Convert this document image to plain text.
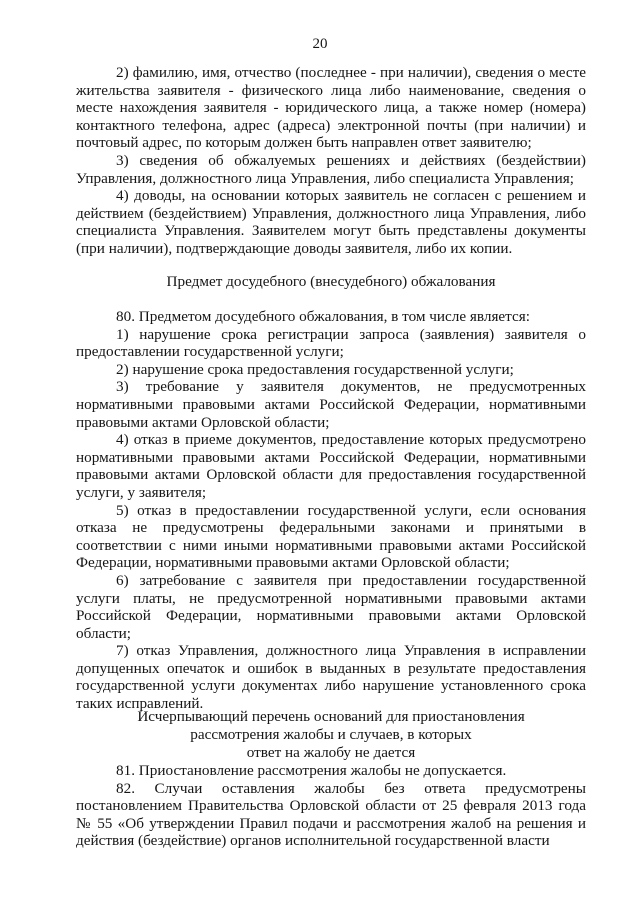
20

2) фамилию, имя, отчество (последнее - при наличии), сведения о месте жительства заявителя - физического лица либо наименование, сведения о месте нахождения заявителя - юридического лица, а также номер (номера) контактного телефона, адрес (адреса) электронной почты (при наличии) и почтовый адрес, по которым должен быть направлен ответ заявителю;

3) сведения об обжалуемых решениях и действиях (бездействии) Управления, должностного лица Управления, либо специалиста Управления;

4) доводы, на основании которых заявитель не согласен с решением и действием (бездействием) Управления, должностного лица Управления, либо специалиста Управления. Заявителем могут быть представлены документы (при наличии), подтверждающие доводы заявителя, либо их копии.

Предмет досудебного (внесудебного) обжалования

80. Предметом досудебного обжалования, в том числе является:

1) нарушение срока регистрации запроса (заявления) заявителя о предоставлении государственной услуги;

2) нарушение срока предоставления государственной услуги;

3) требование у заявителя документов, не предусмотренных нормативными правовыми актами Российской Федерации, нормативными правовыми актами Орловской области;

4) отказ в приеме документов, предоставление которых предусмотрено нормативными правовыми актами Российской Федерации, нормативными правовыми актами Орловской области для предоставления государственной услуги, у заявителя;

5) отказ в предоставлении государственной услуги, если основания отказа не предусмотрены федеральными законами и принятыми в соответствии с ними иными нормативными правовыми актами Российской Федерации, нормативными правовыми актами Орловской области;

6) затребование с заявителя при предоставлении государственной услуги платы, не предусмотренной нормативными правовыми актами Российской Федерации, нормативными правовыми актами Орловской области;

7) отказ Управления, должностного лица Управления в исправлении допущенных опечаток и ошибок в выданных в результате предоставления государственной услуги документах либо нарушение установленного срока таких исправлений.

Исчерпывающий перечень оснований для приостановления

рассмотрения жалобы и случаев, в которых

ответ на жалобу не дается

81. Приостановление рассмотрения жалобы не допускается.

82. Случаи оставления жалобы без ответа предусмотрены постановлением Правительства Орловской области от 25 февраля 2013 года № 55 «Об утверждении Правил подачи и рассмотрения жалоб на решения и действия (бездействие) органов исполнительной государственной власти
